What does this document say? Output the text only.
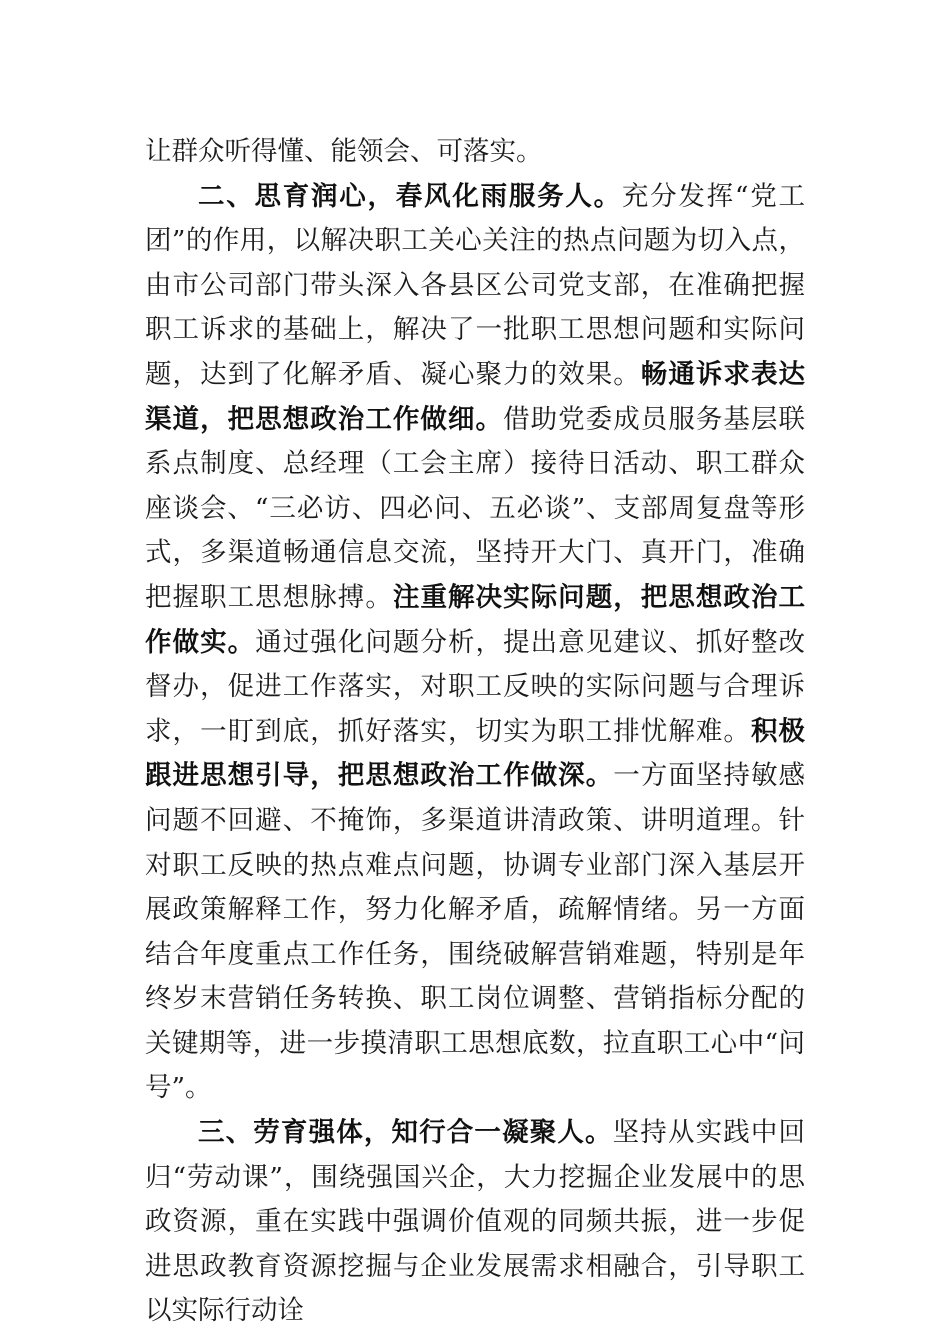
让群众听得懂、能领会、可落实。

二、思育润心，春风化雨服务人。充分发挥“党工团”的作用，以解决职工关心关注的热点问题为切入点，由市公司部门带头深入各县区公司党支部，在准确把握职工诉求的基础上，解决了一批职工思想问题和实际问题，达到了化解矛盾、凝心聚力的效果。畅通诉求表达渠道，把思想政治工作做细。借助党委成员服务基层联系点制度、总经理（工会主席）接待日活动、职工群众座谈会、“三必访、四必问、五必谈”、支部周复盘等形式，多渠道畅通信息交流，坚持开大门、真开门，准确把握职工思想脉搏。注重解决实际问题，把思想政治工作做实。通过强化问题分析，提出意见建议、抓好整改督办，促进工作落实，对职工反映的实际问题与合理诉求，一盯到底，抓好落实，切实为职工排忧解难。积极跟进思想引导，把思想政治工作做深。一方面坚持敏感问题不回避、不掩饰，多渠道讲清政策、讲明道理。针对职工反映的热点难点问题，协调专业部门深入基层开展政策解释工作，努力化解矛盾，疏解情绪。另一方面结合年度重点工作任务，围绕破解营销难题，特别是年终岁末营销任务转换、职工岗位调整、营销指标分配的关键期等，进一步摸清职工思想底数，拉直职工心中“问号”。

三、劳育强体，知行合一凝聚人。坚持从实践中回归“劳动课”，围绕强国兴企，大力挖掘企业发展中的思政资源，重在实践中强调价值观的同频共振，进一步促进思政教育资源挖掘与企业发展需求相融合，引导职工以实际行动诠
